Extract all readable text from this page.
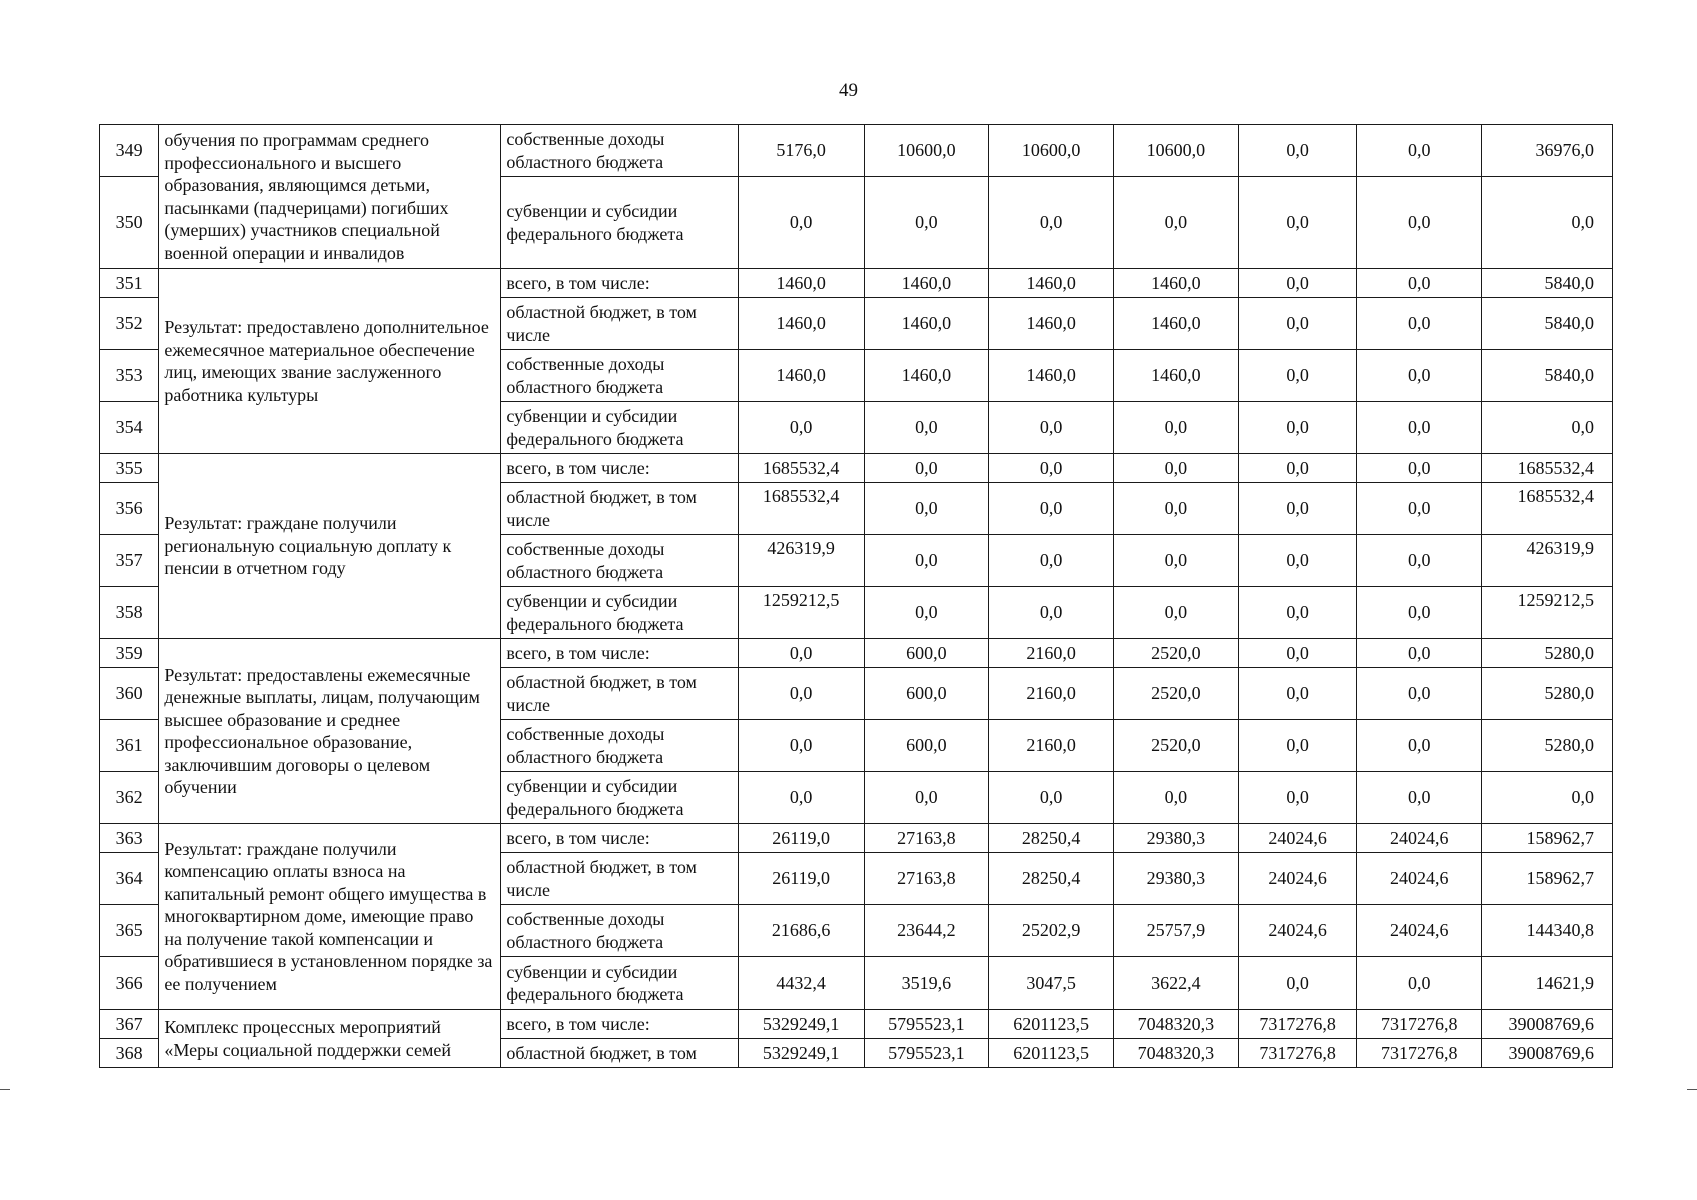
49
349	обучения по программам среднего профессионального и высшего образования, являющимся детьми, пасынками (падчерицами) погибших (умерших) участников специальной военной операции и инвалидов	собственные доходы областного бюджета	5176,0	10600,0	10600,0	10600,0	0,0	0,0	36976,0
350		субвенции и субсидии федерального бюджета	0,0	0,0	0,0	0,0	0,0	0,0	0,0
351	Результат: предоставлено дополнительное ежемесячное материальное обеспечение лиц, имеющих звание заслуженного работника культуры	всего, в том числе:	1460,0	1460,0	1460,0	1460,0	0,0	0,0	5840,0
352		областной бюджет, в том числе	1460,0	1460,0	1460,0	1460,0	0,0	0,0	5840,0
353		собственные доходы областного бюджета	1460,0	1460,0	1460,0	1460,0	0,0	0,0	5840,0
354		субвенции и субсидии федерального бюджета	0,0	0,0	0,0	0,0	0,0	0,0	0,0
355	Результат: граждане получили региональную социальную доплату к пенсии в отчетном году	всего, в том числе:	1685532,4	0,0	0,0	0,0	0,0	0,0	1685532,4
356		областной бюджет, в том числе	1685532,4	0,0	0,0	0,0	0,0	0,0	1685532,4
357		собственные доходы областного бюджета	426319,9	0,0	0,0	0,0	0,0	0,0	426319,9
358		субвенции и субсидии федерального бюджета	1259212,5	0,0	0,0	0,0	0,0	0,0	1259212,5
359	Результат: предоставлены ежемесячные денежные выплаты, лицам, получающим высшее образование и среднее профессиональное образование, заключившим договоры о целевом обучении	всего, в том числе:	0,0	600,0	2160,0	2520,0	0,0	0,0	5280,0
360		областной бюджет, в том числе	0,0	600,0	2160,0	2520,0	0,0	0,0	5280,0
361		собственные доходы областного бюджета	0,0	600,0	2160,0	2520,0	0,0	0,0	5280,0
362		субвенции и субсидии федерального бюджета	0,0	0,0	0,0	0,0	0,0	0,0	0,0
363	Результат: граждане получили компенсацию оплаты взноса на капитальный ремонт общего имущества в многоквартирном доме, имеющие право на получение такой компенсации и обратившиеся в установленном порядке за ее получением	всего, в том числе:	26119,0	27163,8	28250,4	29380,3	24024,6	24024,6	158962,7
364		областной бюджет, в том числе	26119,0	27163,8	28250,4	29380,3	24024,6	24024,6	158962,7
365		собственные доходы областного бюджета	21686,6	23644,2	25202,9	25757,9	24024,6	24024,6	144340,8
366		субвенции и субсидии федерального бюджета	4432,4	3519,6	3047,5	3622,4	0,0	0,0	14621,9
367	Комплекс процессных мероприятий «Меры социальной поддержки семей	всего, в том числе:	5329249,1	5795523,1	6201123,5	7048320,3	7317276,8	7317276,8	39008769,6
368		областной бюджет, в том	5329249,1	5795523,1	6201123,5	7048320,3	7317276,8	7317276,8	39008769,6
